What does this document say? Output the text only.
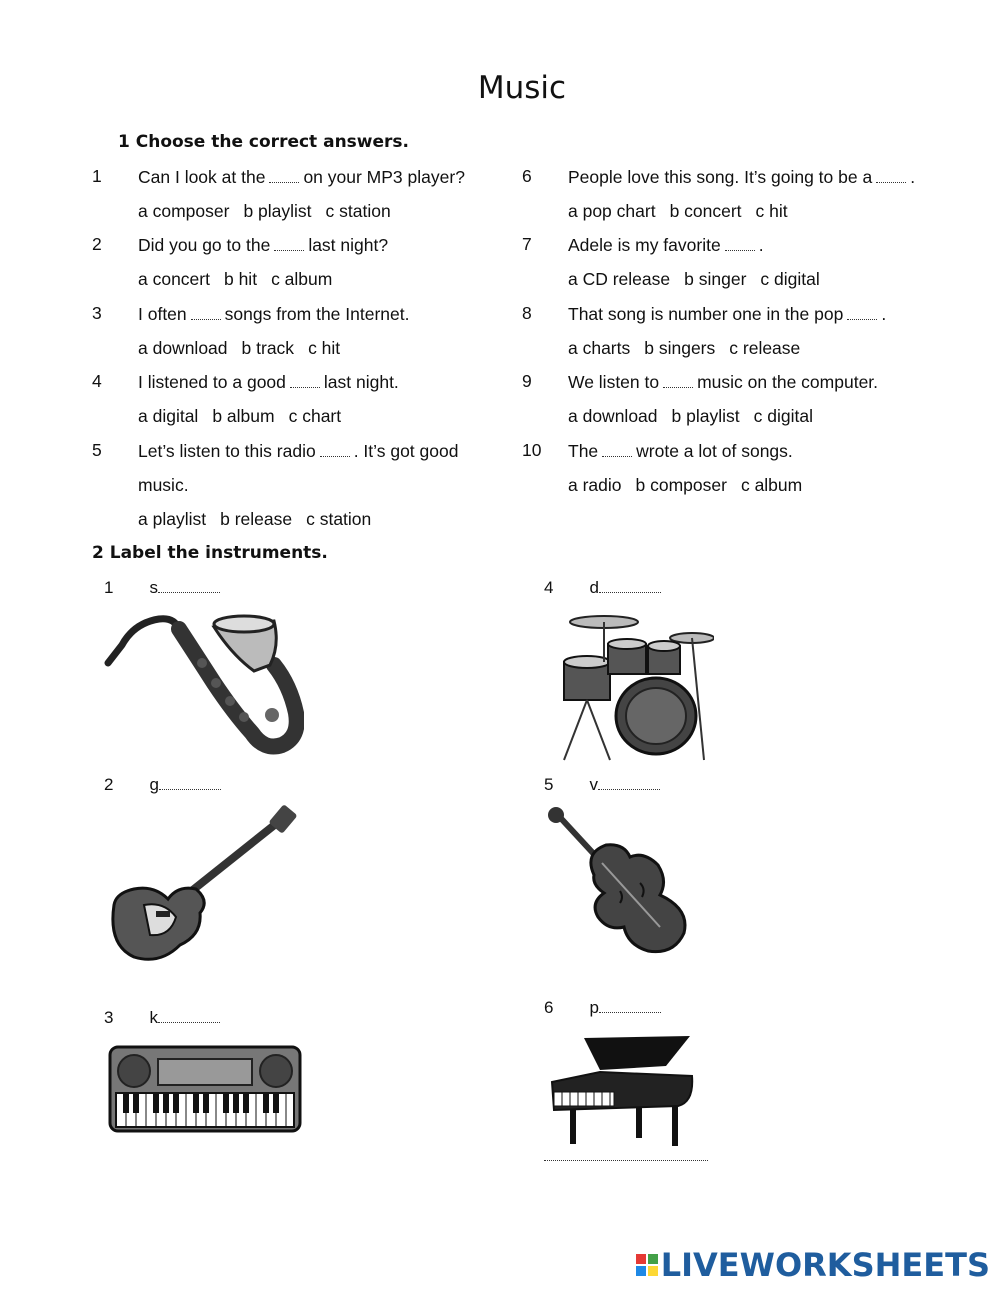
Music
1 Choose the correct answers.
1 Can I look at the on your MP3 player?
a composer b playlist c station
2 Did you go to the last night?
a concert b hit c album
3 I often songs from the Internet.
a download b track c hit
4 I listened to a good last night.
a digital b album c chart
5 Let’s listen to this radio . It’s got good
music.
a playlist b release c station
6 People love this song. It’s going to be a .
a pop chart b concert c hit
7 Adele is my favorite .
a CD release b singer c digital
8 That song is number one in the pop .
a charts b singers c release
9 We listen to music on the computer.
a download b playlist c digital
10 The wrote a lot of songs.
a radio b composer c album
2 Label the instruments.
1 s
2 g
3 k
4 d
5 v
6 p
LIVEWORKSHEETS
